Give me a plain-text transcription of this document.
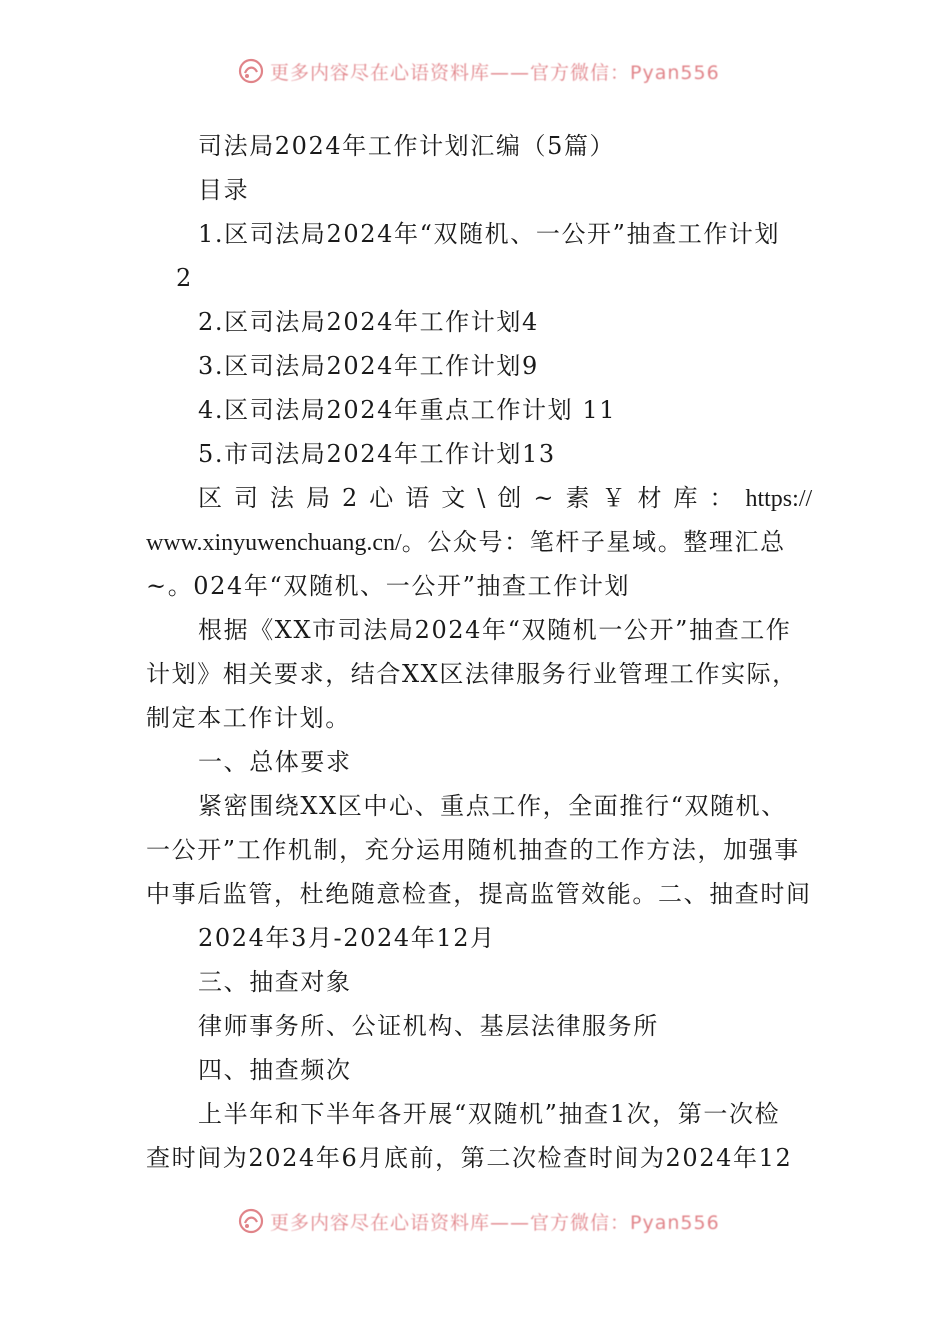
更多内容尽在心语资料库——官方微信：Pyan556
司法局2024年工作计划汇编（5篇）
目录
1.区司法局2024年“双随机、一公开”抽查工作计划
2
2.区司法局2024年工作计划4
3.区司法局2024年工作计划9
4.区司法局2024年重点工作计划 11
5.市司法局2024年工作计划13
区司法局2心语文\创~素￥材库：https://
www.xinyuwenchuang.cn/。公众号：笔杆子星域。整理汇总
~。024年“双随机、一公开”抽查工作计划
根据《XX市司法局2024年“双随机一公开”抽查工作
计划》相关要求，结合XX区法律服务行业管理工作实际，
制定本工作计划。
一、总体要求
紧密围绕XX区中心、重点工作，全面推行“双随机、
一公开”工作机制，充分运用随机抽查的工作方法，加强事
中事后监管，杜绝随意检查，提高监管效能。二、抽查时间
2024年3月-2024年12月
三、抽查对象
律师事务所、公证机构、基层法律服务所
四、抽查频次
上半年和下半年各开展“双随机”抽查1次，第一次检
查时间为2024年6月底前，第二次检查时间为2024年12
更多内容尽在心语资料库——官方微信：Pyan556
